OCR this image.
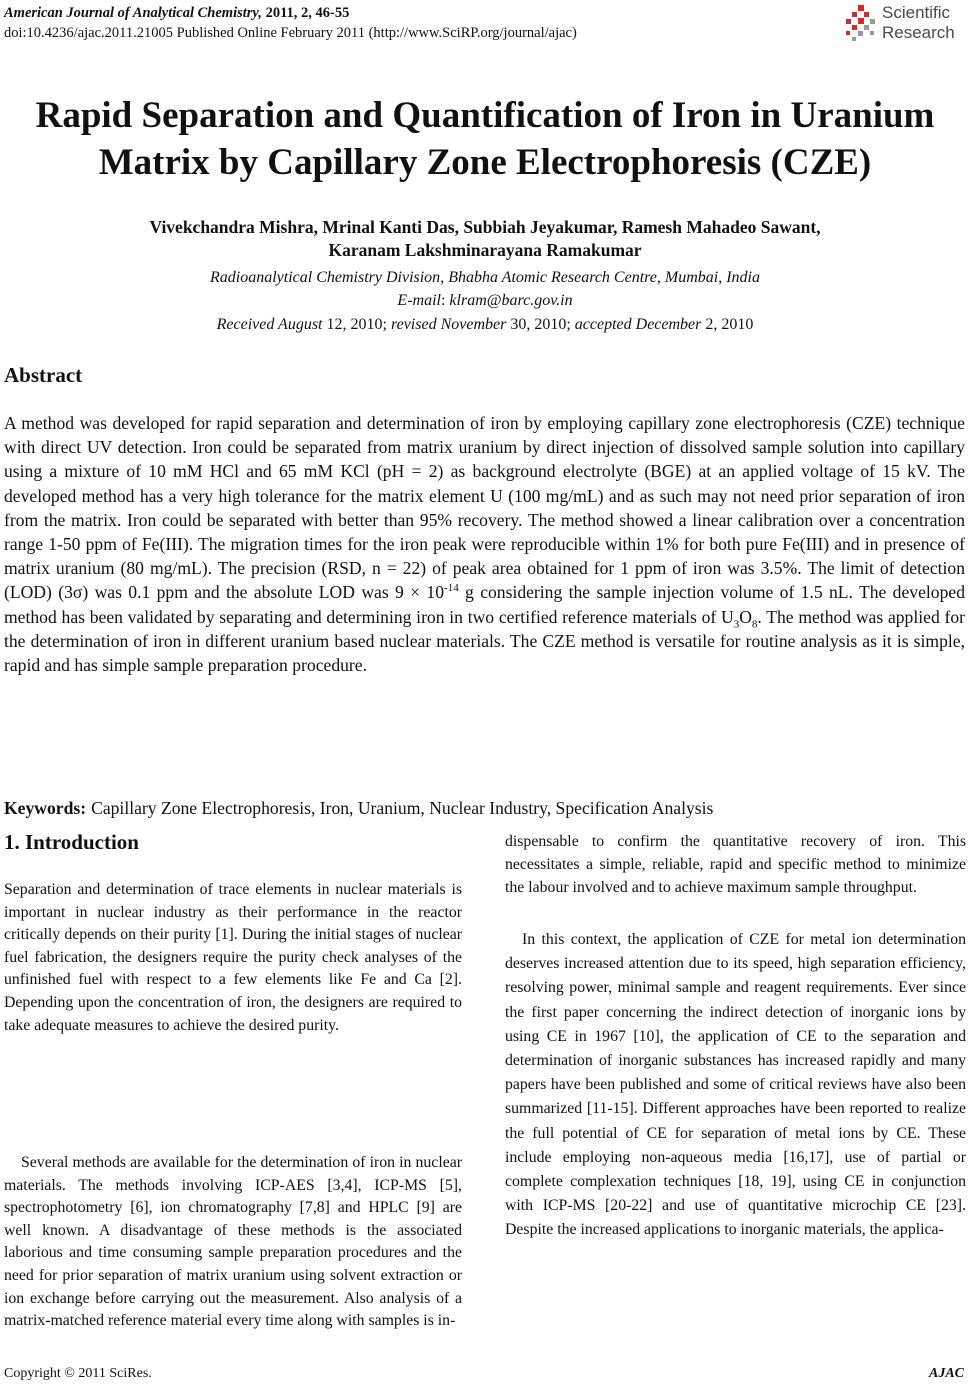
American Journal of Analytical Chemistry, 2011, 2, 46-55
doi:10.4236/ajac.2011.21005 Published Online February 2011 (http://www.SciRP.org/journal/ajac)
Scientific
Research
Rapid Separation and Quantification of Iron in Uranium
Matrix by Capillary Zone Electrophoresis (CZE)
Vivekchandra Mishra, Mrinal Kanti Das, Subbiah Jeyakumar, Ramesh Mahadeo Sawant,
Karanam Lakshminarayana Ramakumar
Radioanalytical Chemistry Division, Bhabha Atomic Research Centre, Mumbai, India
E-mail: klram@barc.gov.in
Received August 12, 2010; revised November 30, 2010; accepted December 2, 2010
Abstract
A method was developed for rapid separation and determination of iron by employing capillary zone electrophoresis (CZE) technique with direct UV detection. Iron could be separated from matrix uranium by direct injection of dissolved sample solution into capillary using a mixture of 10 mM HCl and 65 mM KCl (pH = 2) as background electrolyte (BGE) at an applied voltage of 15 kV. The developed method has a very high tolerance for the matrix element U (100 mg/mL) and as such may not need prior separation of iron from the matrix. Iron could be separated with better than 95% recovery. The method showed a linear calibration over a concentration range 1-50 ppm of Fe(III). The migration times for the iron peak were reproducible within 1% for both pure Fe(III) and in presence of matrix uranium (80 mg/mL). The precision (RSD, n = 22) of peak area obtained for 1 ppm of iron was 3.5%. The limit of detection (LOD) (3σ) was 0.1 ppm and the absolute LOD was $9 \times 10^{-14}$ g considering the sample injection volume of 1.5 nL. The developed method has been validated by separating and determining iron in two certified reference materials of $U_3O_8$. The method was applied for the determination of iron in different uranium based nuclear materials. The CZE method is versatile for routine analysis as it is simple, rapid and has simple sample preparation procedure.
Keywords: Capillary Zone Electrophoresis, Iron, Uranium, Nuclear Industry, Specification Analysis
1. Introduction

Separation and determination of trace elements in nuclear materials is important in nuclear industry as their performance in the reactor critically depends on their purity [1]. During the initial stages of nuclear fuel fabrication, the designers require the purity check analyses of the unfinished fuel with respect to a few elements like Fe and Ca [2]. Depending upon the concentration of iron, the designers are required to take adequate measures to achieve the desired purity.

Several methods are available for the determination of iron in nuclear materials. The methods involving ICP-AES [3,4], ICP-MS [5], spectrophotometry [6], ion chromatography [7,8] and HPLC [9] are well known. A disadvantage of these methods is the associated laborious and time consuming sample preparation procedures and the need for prior separation of matrix uranium using solvent extraction or ion exchange before carrying out the measurement. Also analysis of a matrix-matched reference material every time along with samples is in-

dispensable to confirm the quantitative recovery of iron. This necessitates a simple, reliable, rapid and specific method to minimize the labour involved and to achieve maximum sample throughput.

In this context, the application of CZE for metal ion determination deserves increased attention due to its speed, high separation efficiency, resolving power, minimal sample and reagent requirements. Ever since the first paper concerning the indirect detection of inorganic ions by using CE in 1967 [10], the application of CE to the separation and determination of inorganic substances has increased rapidly and many papers have been published and some of critical reviews have also been summarized [11-15]. Different approaches have been reported to realize the full potential of CE for separation of metal ions by CE. These include employing non-aqueous media [16,17], use of partial or complete complexation techniques [18, 19], using CE in conjunction with ICP-MS [20-22] and use of quantitative microchip CE [23]. Despite the increased applications to inorganic materials, the applica-

Copyright © 2011 SciRes.	AJAC
